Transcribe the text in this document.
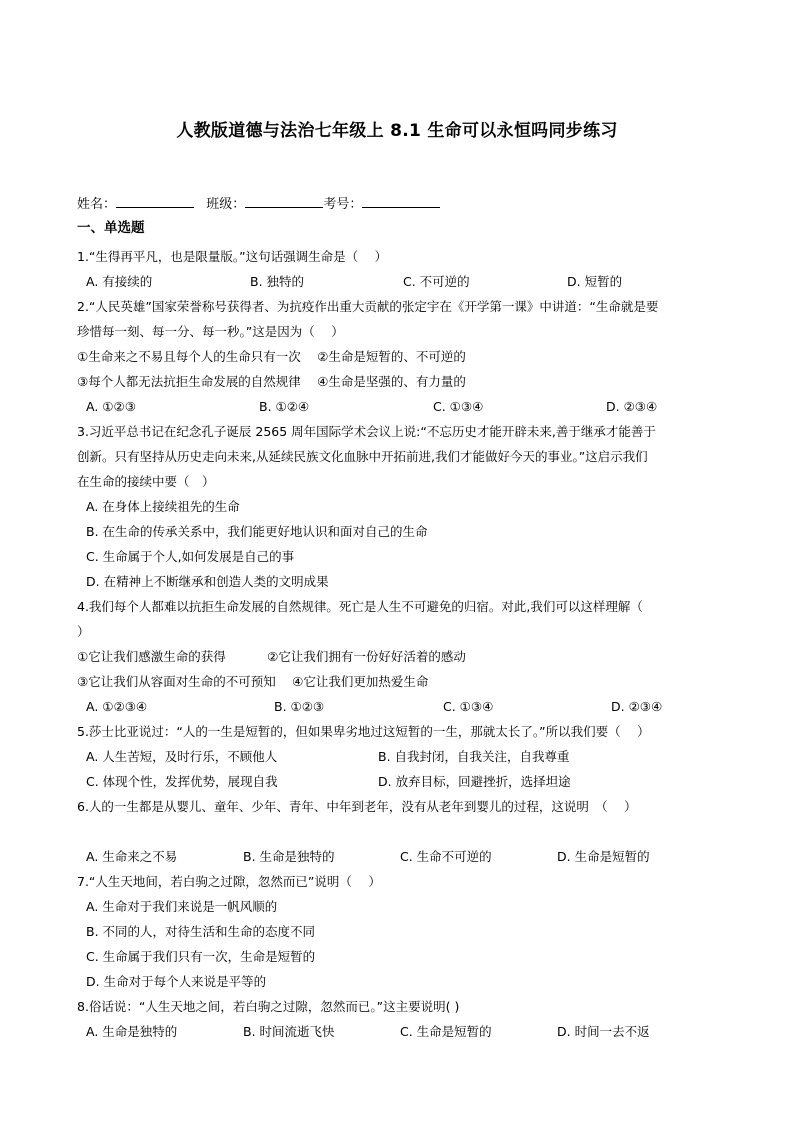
人教版道德与法治七年级上 8.1 生命可以永恒吗同步练习
姓名：	班级：	考号：
一、单选题
1.“生得再平凡，也是限量版。”这句话强调生命是（　 ）
A. 有接续的	B. 独特的	C. 不可逆的	D. 短暂的
2.“人民英雄”国家荣誉称号获得者、为抗疫作出重大贡献的张定宇在《开学第一课》中讲道：“生命就是要
珍惜每一刻、每一分、每一秒。”这是因为（　 ）
①生命来之不易且每个人的生命只有一次　 ②生命是短暂的、不可逆的
③每个人都无法抗拒生命发展的自然规律　 ④生命是坚强的、有力量的
A. ①②③	B. ①②④	C. ①③④	D. ②③④
3.习近平总书记在纪念孔子诞辰 2565 周年国际学术会议上说:“不忘历史才能开辟未来,善于继承才能善于
创新。只有坚持从历史走向未来,从延续民族文化血脉中开拓前进,我们才能做好今天的事业。”这启示我们
在生命的接续中要（　）
A. 在身体上接续祖先的生命
B. 在生命的传承关系中，我们能更好地认识和面对自己的生命
C. 生命属于个人,如何发展是自己的事
D. 在精神上不断继承和创造人类的文明成果
4.我们每个人都难以抗拒生命发展的自然规律。死亡是人生不可避免的归宿。对此,我们可以这样理解（
）
①它让我们感激生命的获得　　　 ②它让我们拥有一份好好活着的感动
③它让我们从容面对生命的不可预知　 ④它让我们更加热爱生命
A. ①②③④	B. ①②③	C. ①③④	D. ②③④
5.莎士比亚说过：“人的一生是短暂的，但如果卑劣地过这短暂的一生，那就太长了。”所以我们要（　 ）
A. 人生苦短，及时行乐，不顾他人	B. 自我封闭，自我关注，自我尊重
C. 体现个性，发挥优势，展现自我	D. 放弃目标，回避挫折，选择坦途
6.人的一生都是从婴儿、童年、少年、青年、中年到老年，没有从老年到婴儿的过程，这说明　（　 ）
A. 生命来之不易	B. 生命是独特的	C. 生命不可逆的	D. 生命是短暂的
7.“人生天地间，若白驹之过隙，忽然而已”说明（　 ）
A. 生命对于我们来说是一帆风顺的
B. 不同的人，对待生活和生命的态度不同
C. 生命属于我们只有一次，生命是短暂的
D. 生命对于每个人来说是平等的
8.俗话说：“人生天地之间，若白驹之过隙，忽然而已。”这主要说明( )
A. 生命是独特的	B. 时间流逝飞快	C. 生命是短暂的	D. 时间一去不返
